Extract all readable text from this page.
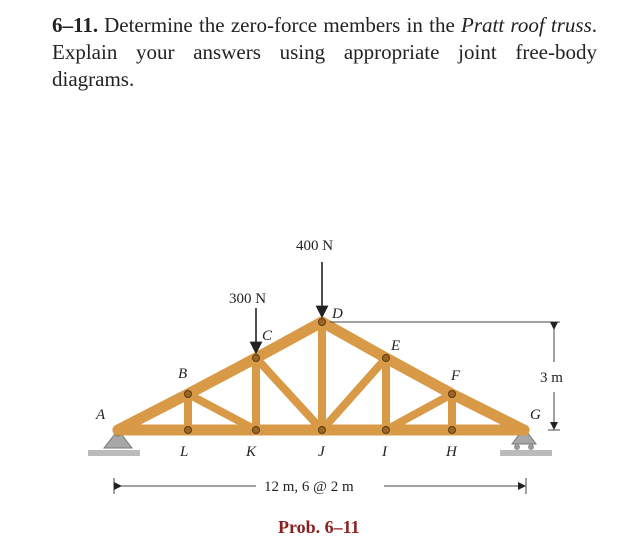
6–11. Determine the zero-force members in the Pratt roof truss. Explain your answers using appropriate joint free-body diagrams.
300 N
400 N
A
B
C
D
E
F
G
H
I
J
K
L
3 m
12 m, 6 @ 2 m
Prob. 6–11
